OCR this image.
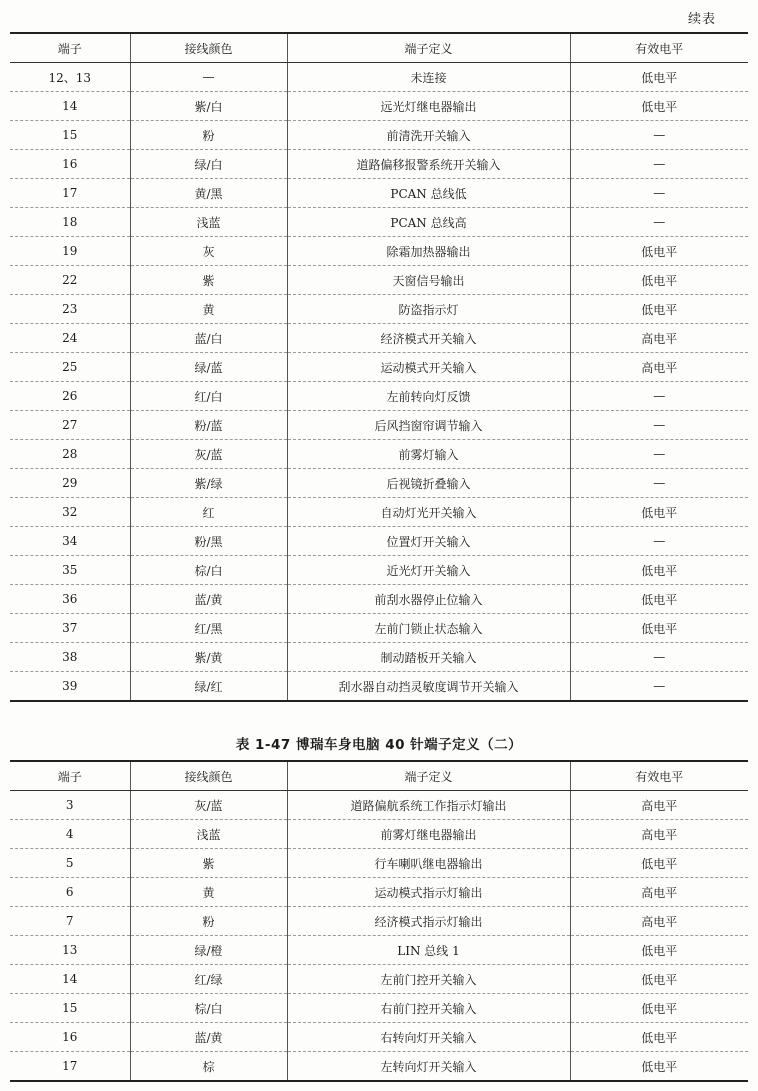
续表
端子	接线颜色	端子定义	有效电平
12、13	—	未连接	低电平
14	紫/白	远光灯继电器输出	低电平
15	粉	前清洗开关输入	—
16	绿/白	道路偏移报警系统开关输入	—
17	黄/黑	PCAN 总线低	—
18	浅蓝	PCAN 总线高	—
19	灰	除霜加热器输出	低电平
22	紫	天窗信号输出	低电平
23	黄	防盗指示灯	低电平
24	蓝/白	经济模式开关输入	高电平
25	绿/蓝	运动模式开关输入	高电平
26	红/白	左前转向灯反馈	—
27	粉/蓝	后风挡窗帘调节输入	—
28	灰/蓝	前雾灯输入	—
29	紫/绿	后视镜折叠输入	—
32	红	自动灯光开关输入	低电平
34	粉/黑	位置灯开关输入	—
35	棕/白	近光灯开关输入	低电平
36	蓝/黄	前刮水器停止位输入	低电平
37	红/黑	左前门锁止状态输入	低电平
38	紫/黄	制动踏板开关输入	—
39	绿/红	刮水器自动挡灵敏度调节开关输入	—
表 1-47 博瑞车身电脑 40 针端子定义（二）
端子	接线颜色	端子定义	有效电平
3	灰/蓝	道路偏航系统工作指示灯输出	高电平
4	浅蓝	前雾灯继电器输出	高电平
5	紫	行车喇叭继电器输出	低电平
6	黄	运动模式指示灯输出	高电平
7	粉	经济模式指示灯输出	高电平
13	绿/橙	LIN 总线 1	低电平
14	红/绿	左前门控开关输入	低电平
15	棕/白	右前门控开关输入	低电平
16	蓝/黄	右转向灯开关输入	低电平
17	棕	左转向灯开关输入	低电平
